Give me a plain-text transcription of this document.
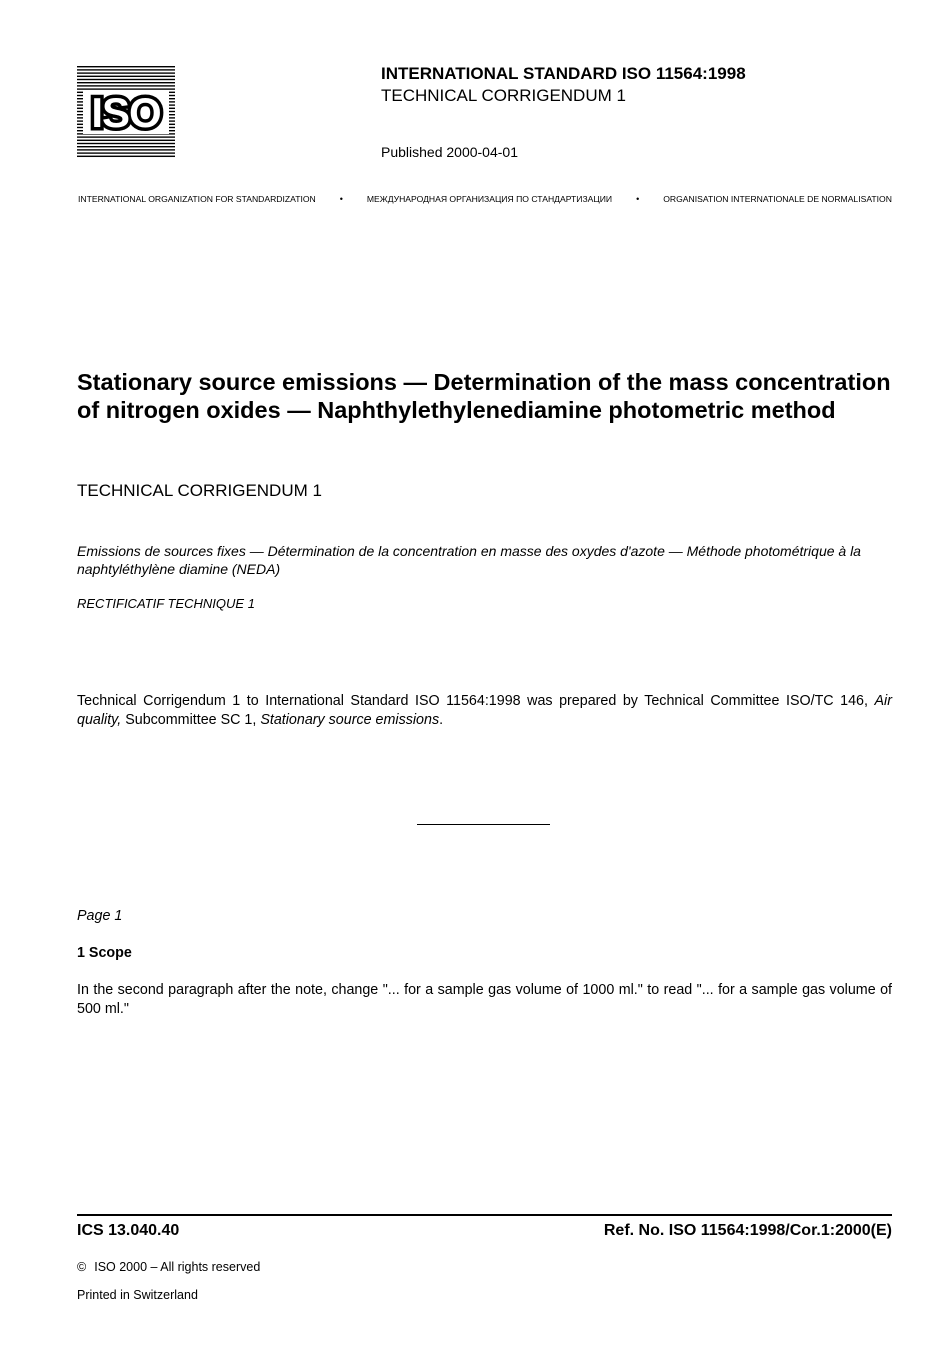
ISO
INTERNATIONAL STANDARD ISO 11564:1998
TECHNICAL CORRIGENDUM 1
Published 2000-04-01
INTERNATIONAL ORGANIZATION FOR STANDARDIZATION	•	МЕЖДУНАРОДНАЯ ОРГАНИЗАЦИЯ ПО СТАНДАРТИЗАЦИИ	•	ORGANISATION INTERNATIONALE DE NORMALISATION
Stationary source emissions — Determination of the mass concentration of nitrogen oxides — Naphthylethylenediamine photometric method
TECHNICAL CORRIGENDUM 1
Emissions de sources fixes — Détermination de la concentration en masse des oxydes d'azote — Méthode photométrique à la naphtyléthylène diamine (NEDA)
RECTIFICATIF TECHNIQUE 1
Technical Corrigendum 1 to International Standard ISO 11564:1998 was prepared by Technical Committee ISO/TC 146, Air quality, Subcommittee SC 1, Stationary source emissions.
Page 1
1 Scope
In the second paragraph after the note, change "... for a sample gas volume of 1000 ml." to read "... for a sample gas volume of 500 ml."
ICS 13.040.40	Ref. No. ISO 11564:1998/Cor.1:2000(E)
© ISO 2000 – All rights reserved
Printed in Switzerland
